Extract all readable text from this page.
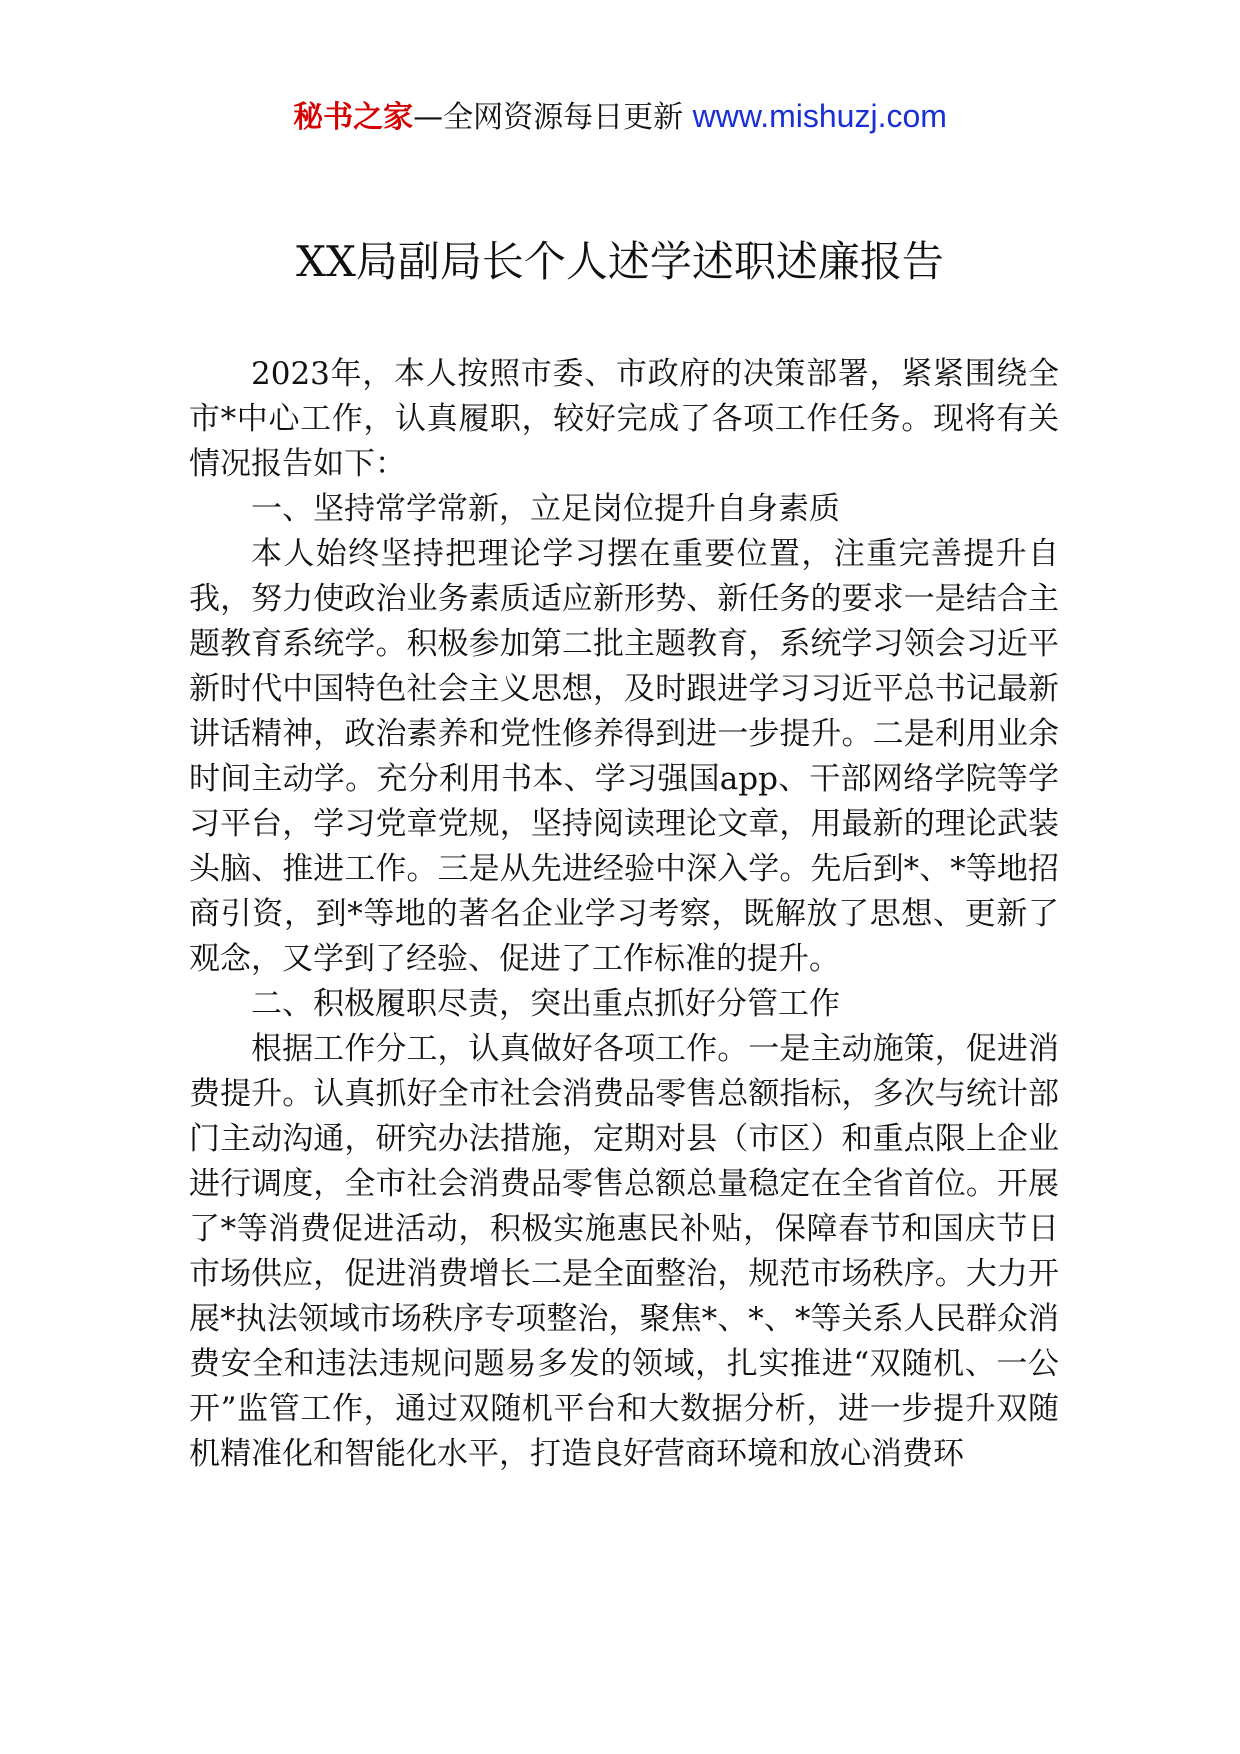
秘书之家—全网资源每日更新 www.mishuzj.com
XX局副局长个人述学述职述廉报告

2023年，本人按照市委、市政府的决策部署，紧紧围绕全市*中心工作，认真履职，较好完成了各项工作任务。现将有关情况报告如下：

一、坚持常学常新，立足岗位提升自身素质

本人始终坚持把理论学习摆在重要位置，注重完善提升自我，努力使政治业务素质适应新形势、新任务的要求一是结合主题教育系统学。积极参加第二批主题教育，系统学习领会习近平新时代中国特色社会主义思想，及时跟进学习习近平总书记最新讲话精神，政治素养和党性修养得到进一步提升。二是利用业余时间主动学。充分利用书本、学习强国app、干部网络学院等学习平台，学习党章党规，坚持阅读理论文章，用最新的理论武装头脑、推进工作。三是从先进经验中深入学。先后到*、*等地招商引资，到*等地的著名企业学习考察，既解放了思想、更新了观念，又学到了经验、促进了工作标准的提升。

二、积极履职尽责，突出重点抓好分管工作

根据工作分工，认真做好各项工作。一是主动施策，促进消费提升。认真抓好全市社会消费品零售总额指标，多次与统计部门主动沟通，研究办法措施，定期对县（市区）和重点限上企业进行调度，全市社会消费品零售总额总量稳定在全省首位。开展了*等消费促进活动，积极实施惠民补贴，保障春节和国庆节日市场供应，促进消费增长二是全面整治，规范市场秩序。大力开展*执法领域市场秩序专项整治，聚焦*、*、*等关系人民群众消费安全和违法违规问题易多发的领域，扎实推进“双随机、一公开”监管工作，通过双随机平台和大数据分析，进一步提升双随机精准化和智能化水平，打造良好营商环境和放心消费环
